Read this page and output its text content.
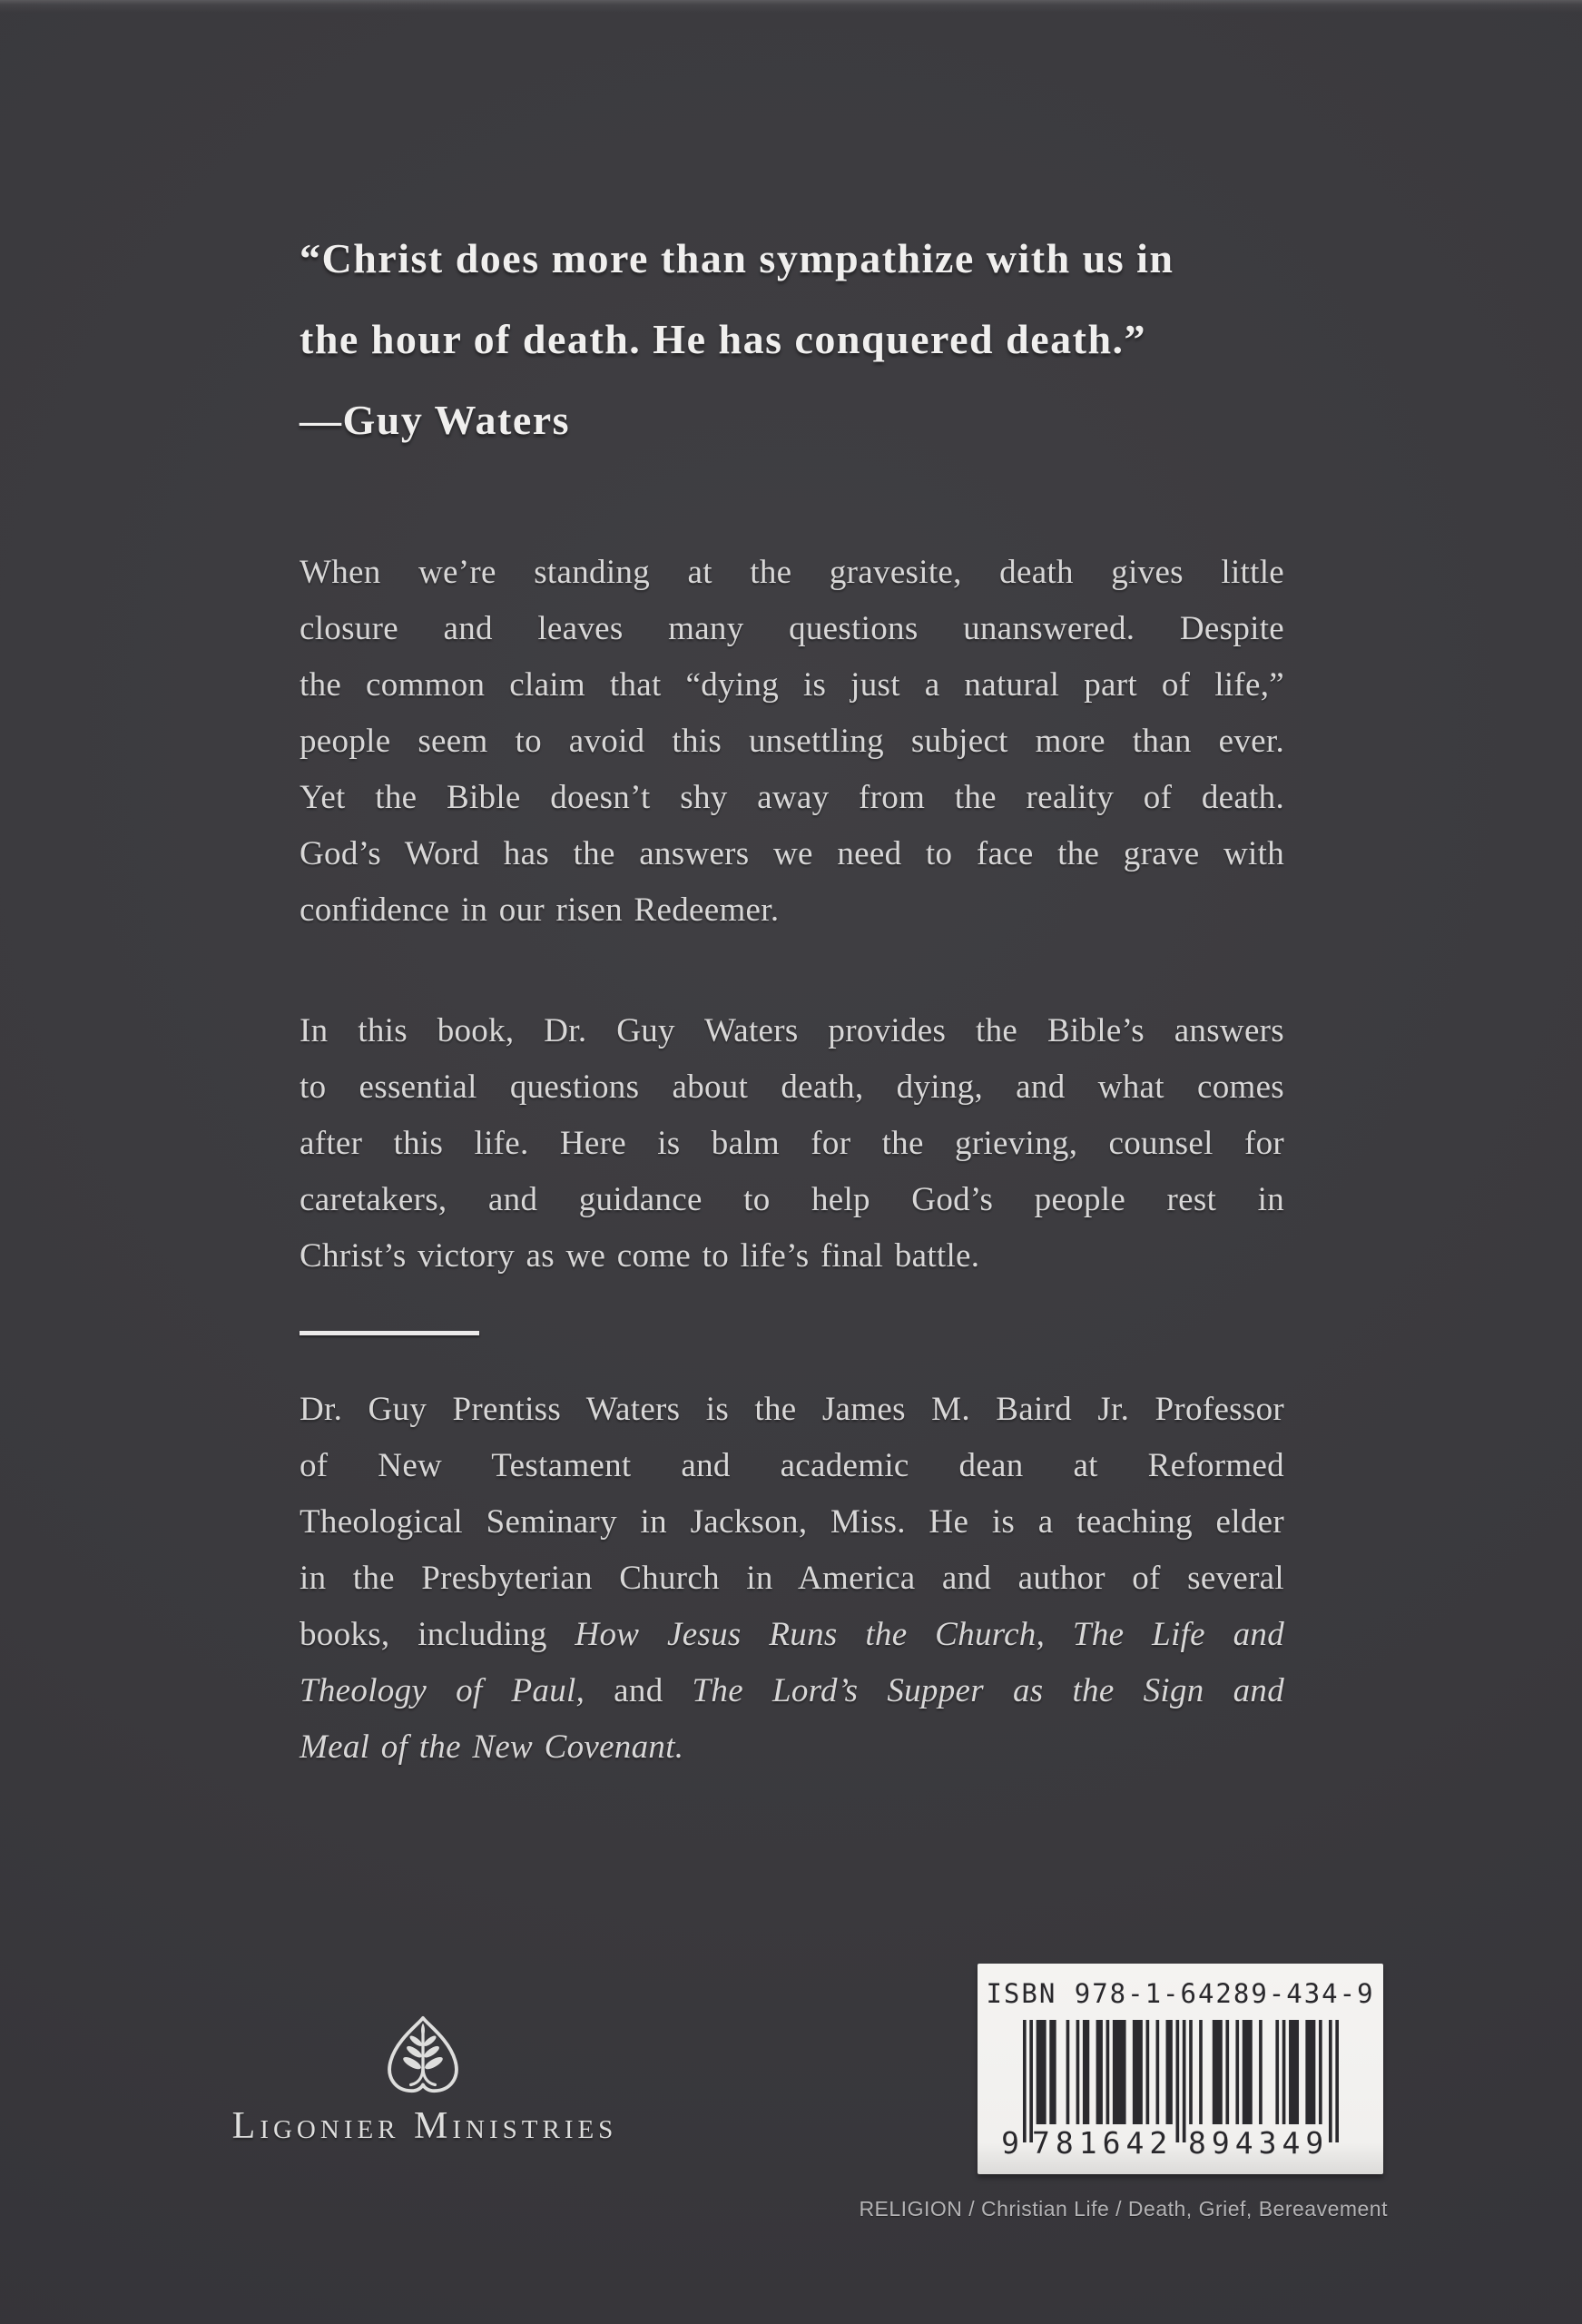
“Christ does more than sympathize with us in
the hour of death. He has conquered death.”
—Guy Waters
When we’re standing at the gravesite, death gives little
closure and leaves many questions unanswered. Despite
the common claim that “dying is just a natural part of life,”
people seem to avoid this unsettling subject more than ever.
Yet the Bible doesn’t shy away from the reality of death.
God’s Word has the answers we need to face the grave with
confidence in our risen Redeemer.
In this book, Dr. Guy Waters provides the Bible’s answers
to essential questions about death, dying, and what comes
after this life. Here is balm for the grieving, counsel for
caretakers, and guidance to help God’s people rest in
Christ’s victory as we come to life’s final battle.
Dr. Guy Prentiss Waters is the James M. Baird Jr. Professor
of New Testament and academic dean at Reformed
Theological Seminary in Jackson, Miss. He is a teaching elder
in the Presbyterian Church in America and author of several
books, including How Jesus Runs the Church, The Life and
Theology of Paul, and The Lord’s Supper as the Sign and
Meal of the New Covenant.
Ligonier Ministries
ISBN 978-1-64289-434-9
9 781642 894349
RELIGION / Christian Life / Death, Grief, Bereavement
